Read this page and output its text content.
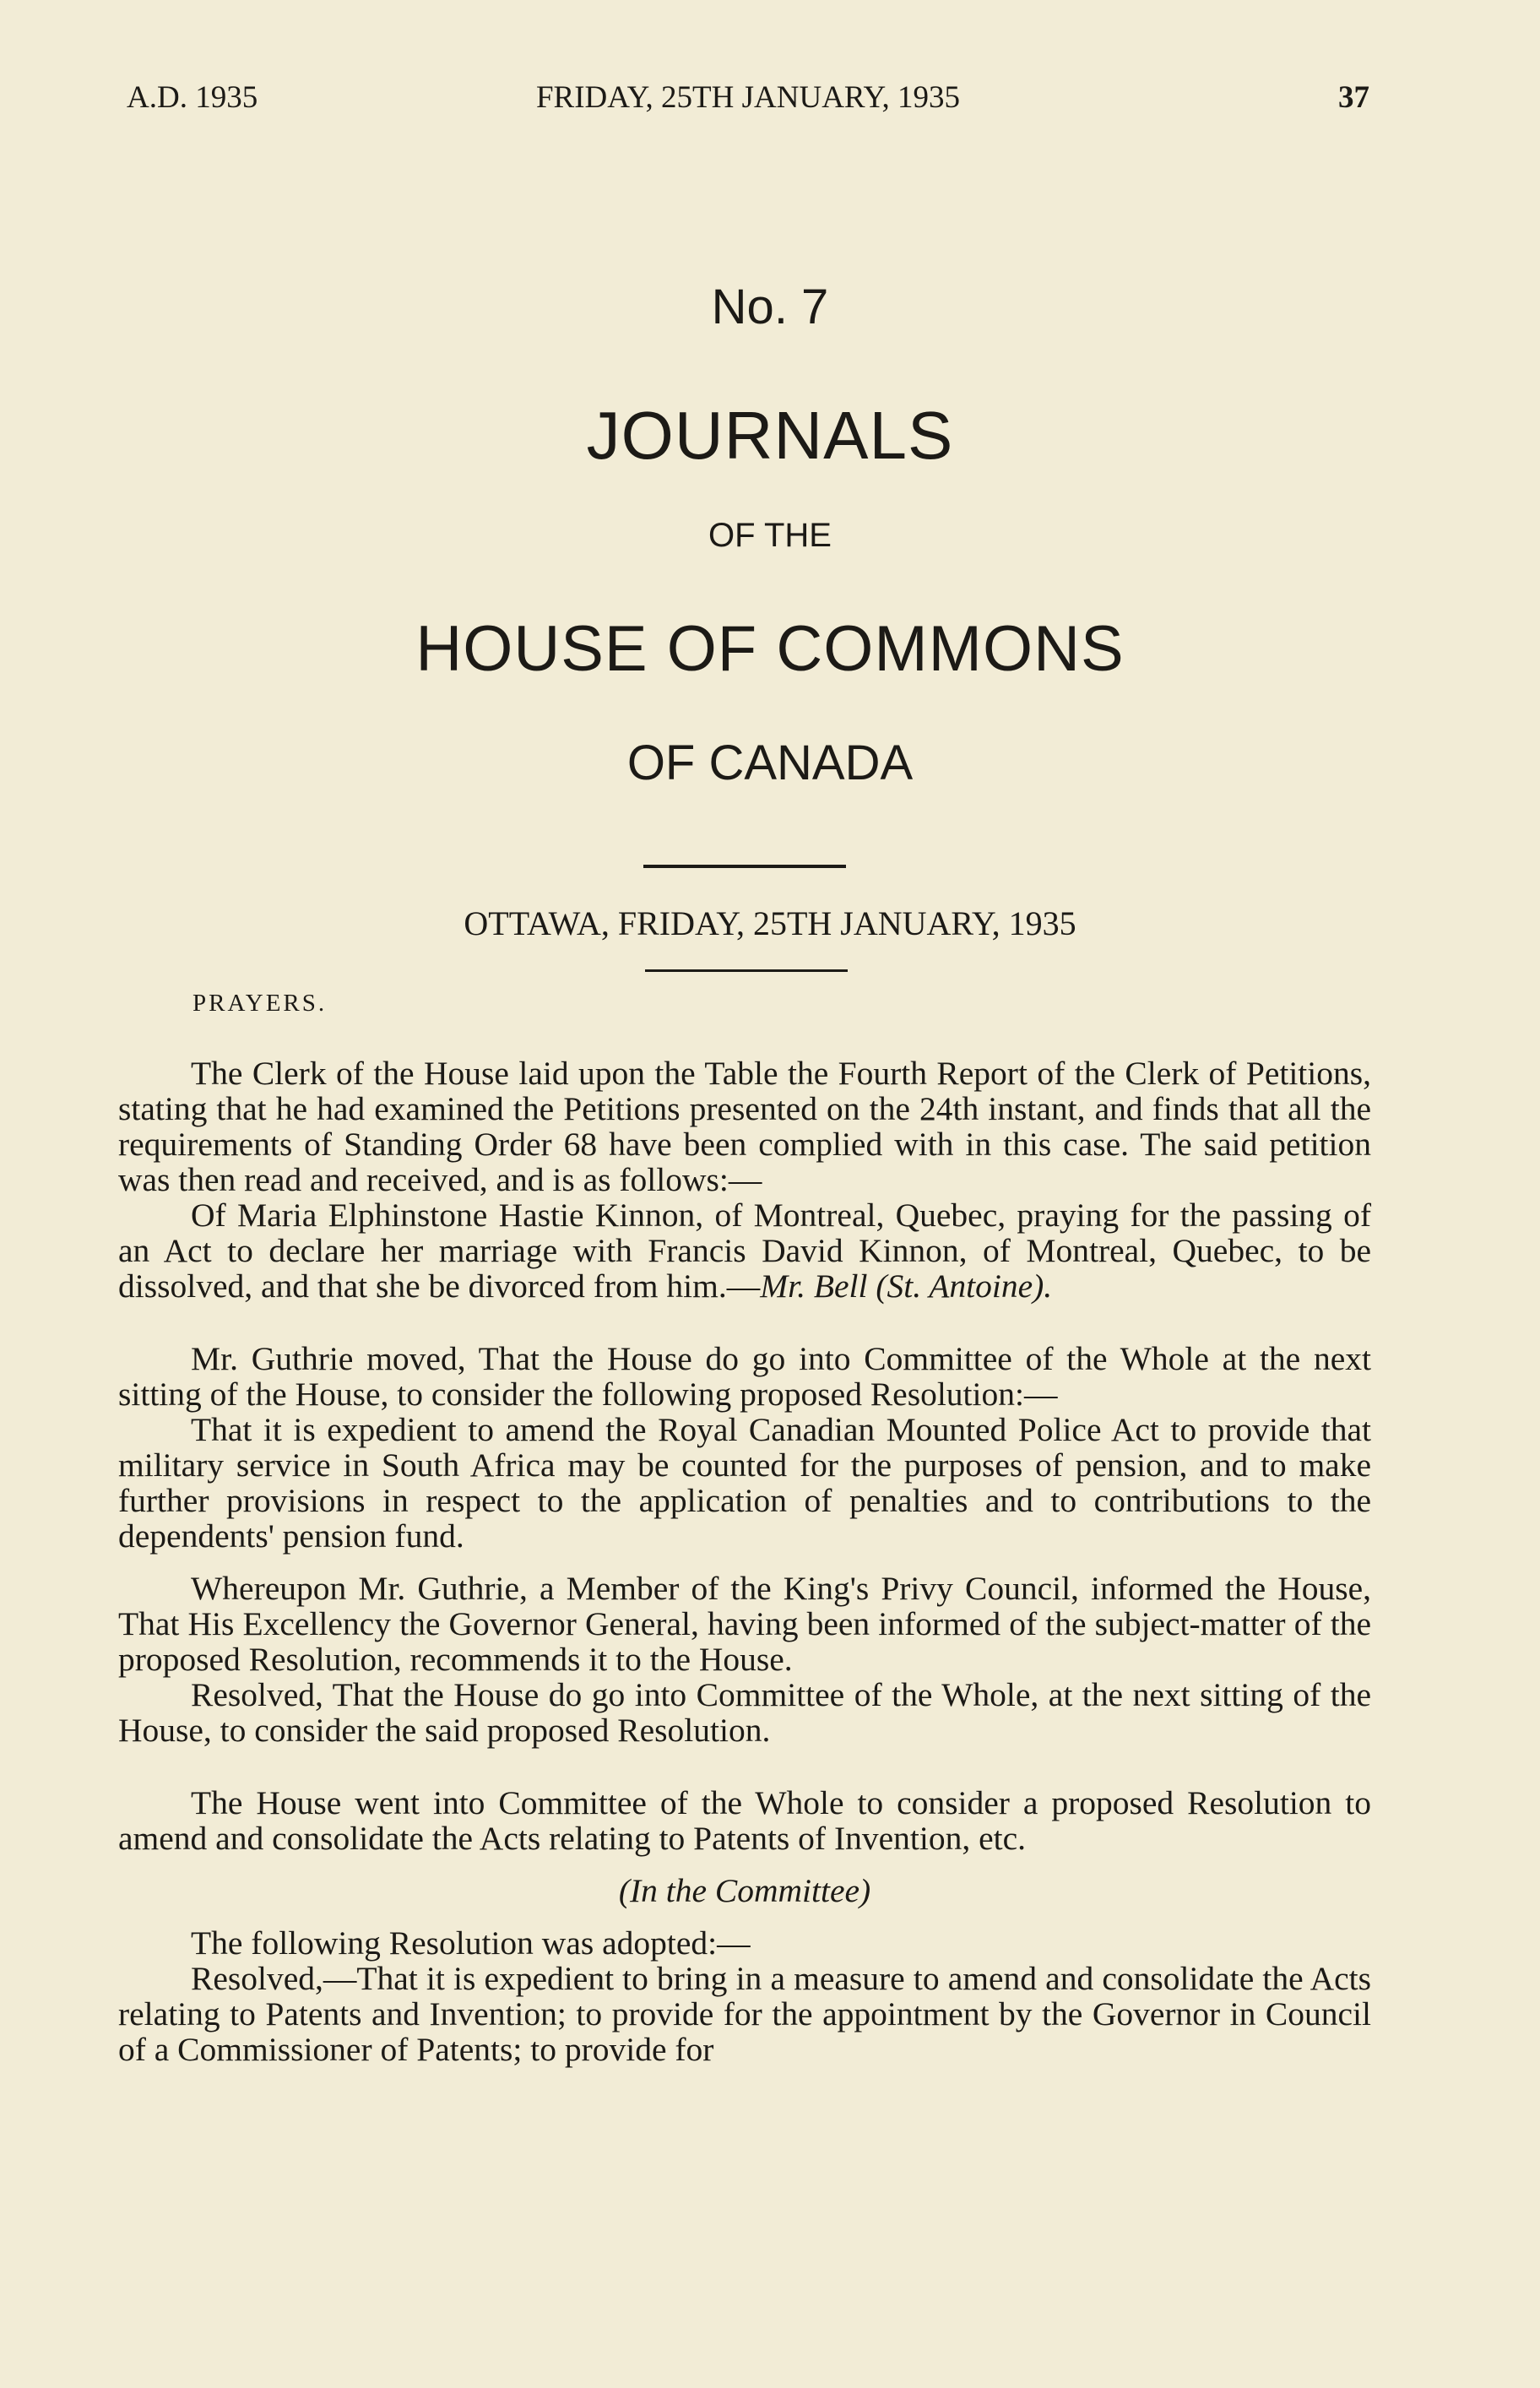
A.D. 1935	FRIDAY, 25TH JANUARY, 1935	37
No. 7
JOURNALS
OF THE
HOUSE OF COMMONS
OF CANADA
OTTAWA, FRIDAY, 25TH JANUARY, 1935
PRAYERS.

The Clerk of the House laid upon the Table the Fourth Report of the Clerk of Petitions, stating that he had examined the Petitions presented on the 24th instant, and finds that all the requirements of Standing Order 68 have been complied with in this case. The said petition was then read and received, and is as follows:—

Of Maria Elphinstone Hastie Kinnon, of Montreal, Quebec, praying for the passing of an Act to declare her marriage with Francis David Kinnon, of Montreal, Quebec, to be dissolved, and that she be divorced from him.—Mr. Bell (St. Antoine).

Mr. Guthrie moved, That the House do go into Committee of the Whole at the next sitting of the House, to consider the following proposed Resolution:—

That it is expedient to amend the Royal Canadian Mounted Police Act to provide that military service in South Africa may be counted for the purposes of pension, and to make further provisions in respect to the application of penalties and to contributions to the dependents' pension fund.

Whereupon Mr. Guthrie, a Member of the King's Privy Council, informed the House, That His Excellency the Governor General, having been informed of the subject-matter of the proposed Resolution, recommends it to the House.

Resolved, That the House do go into Committee of the Whole, at the next sitting of the House, to consider the said proposed Resolution.

The House went into Committee of the Whole to consider a proposed Resolution to amend and consolidate the Acts relating to Patents of Invention, etc.

(In the Committee)

The following Resolution was adopted:—

Resolved,—That it is expedient to bring in a measure to amend and consolidate the Acts relating to Patents and Invention; to provide for the appointment by the Governor in Council of a Commissioner of Patents; to provide for
